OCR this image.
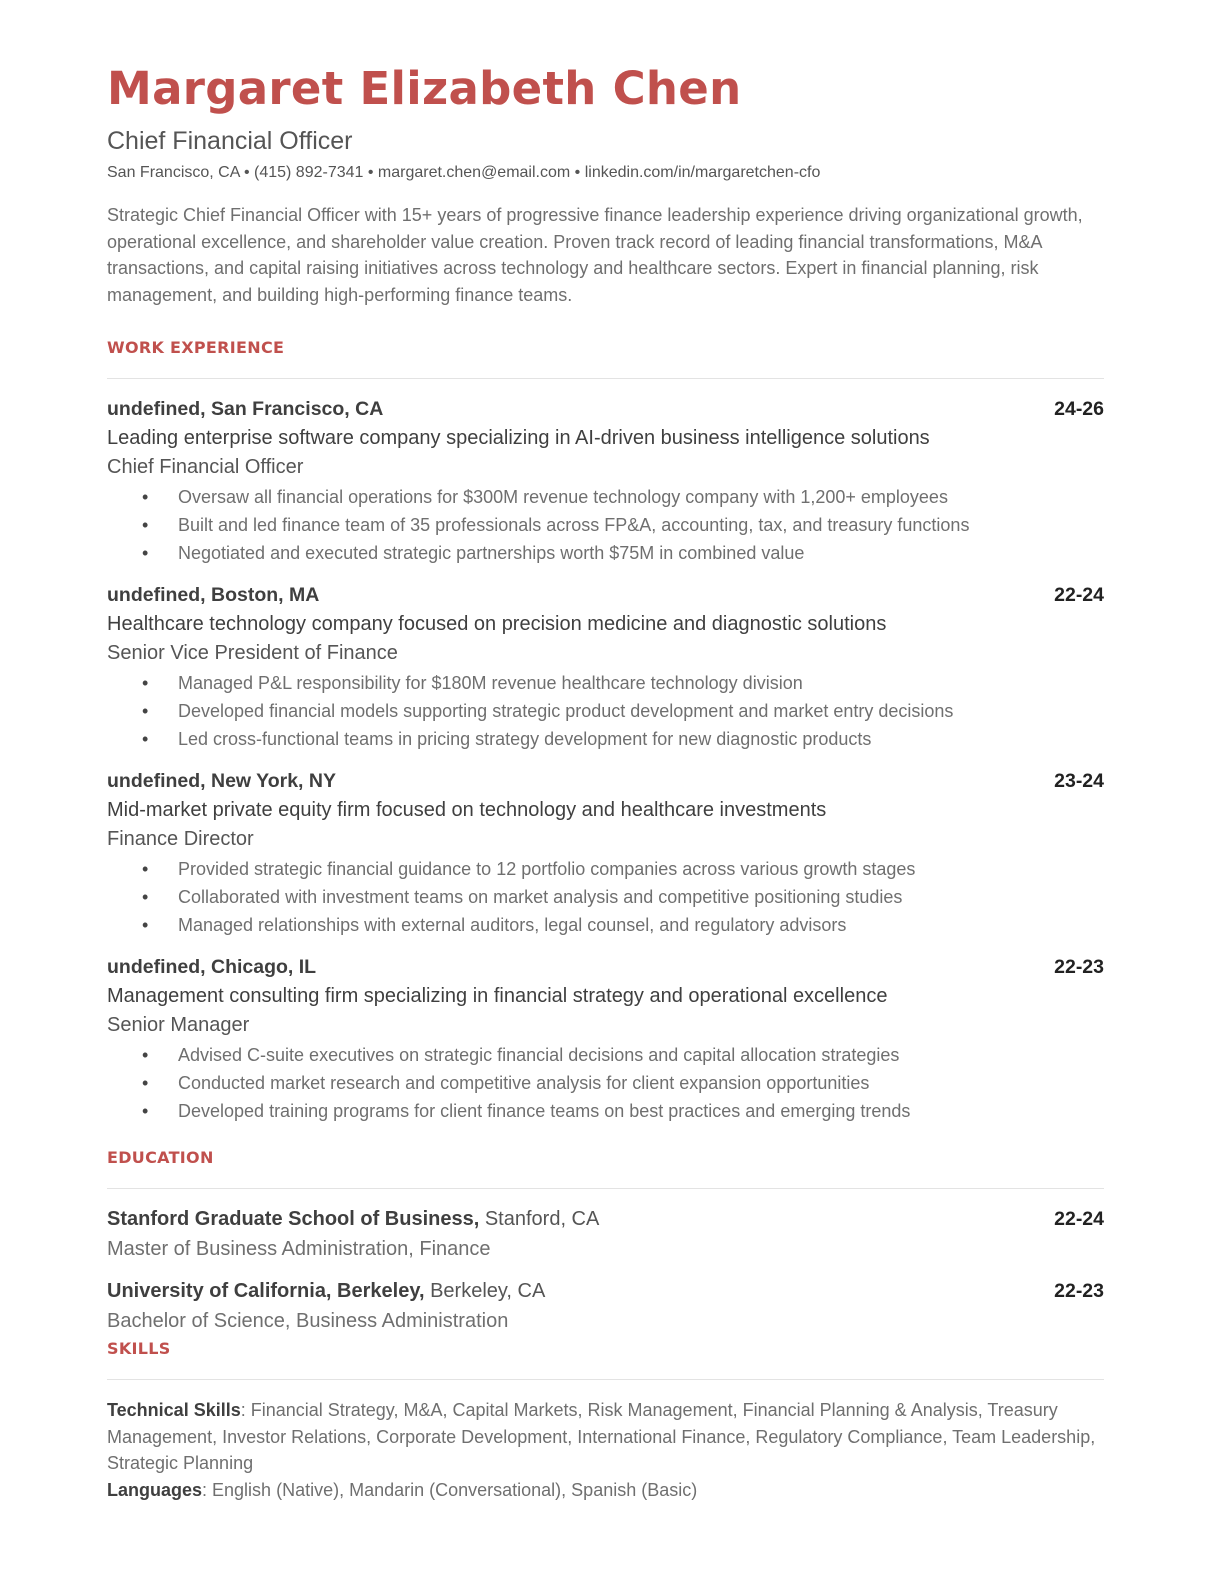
Margaret Elizabeth Chen
Chief Financial Officer
San Francisco, CA • (415) 892-7341 • margaret.chen@email.com • linkedin.com/in/margaretchen-cfo
Strategic Chief Financial Officer with 15+ years of progressive finance leadership experience driving organizational growth, operational excellence, and shareholder value creation. Proven track record of leading financial transformations, M&A transactions, and capital raising initiatives across technology and healthcare sectors. Expert in financial planning, risk management, and building high-performing finance teams.
WORK EXPERIENCE
undefined, San Francisco, CA	24-26
Leading enterprise software company specializing in AI-driven business intelligence solutions
Chief Financial Officer
• Oversaw all financial operations for $300M revenue technology company with 1,200+ employees
• Built and led finance team of 35 professionals across FP&A, accounting, tax, and treasury functions
• Negotiated and executed strategic partnerships worth $75M in combined value
undefined, Boston, MA	22-24
Healthcare technology company focused on precision medicine and diagnostic solutions
Senior Vice President of Finance
• Managed P&L responsibility for $180M revenue healthcare technology division
• Developed financial models supporting strategic product development and market entry decisions
• Led cross-functional teams in pricing strategy development for new diagnostic products
undefined, New York, NY	23-24
Mid-market private equity firm focused on technology and healthcare investments
Finance Director
• Provided strategic financial guidance to 12 portfolio companies across various growth stages
• Collaborated with investment teams on market analysis and competitive positioning studies
• Managed relationships with external auditors, legal counsel, and regulatory advisors
undefined, Chicago, IL	22-23
Management consulting firm specializing in financial strategy and operational excellence
Senior Manager
• Advised C-suite executives on strategic financial decisions and capital allocation strategies
• Conducted market research and competitive analysis for client expansion opportunities
• Developed training programs for client finance teams on best practices and emerging trends
EDUCATION
Stanford Graduate School of Business, Stanford, CA	22-24
Master of Business Administration, Finance
University of California, Berkeley, Berkeley, CA	22-23
Bachelor of Science, Business Administration
SKILLS
Technical Skills: Financial Strategy, M&A, Capital Markets, Risk Management, Financial Planning & Analysis, Treasury Management, Investor Relations, Corporate Development, International Finance, Regulatory Compliance, Team Leadership, Strategic Planning
Languages: English (Native), Mandarin (Conversational), Spanish (Basic)
